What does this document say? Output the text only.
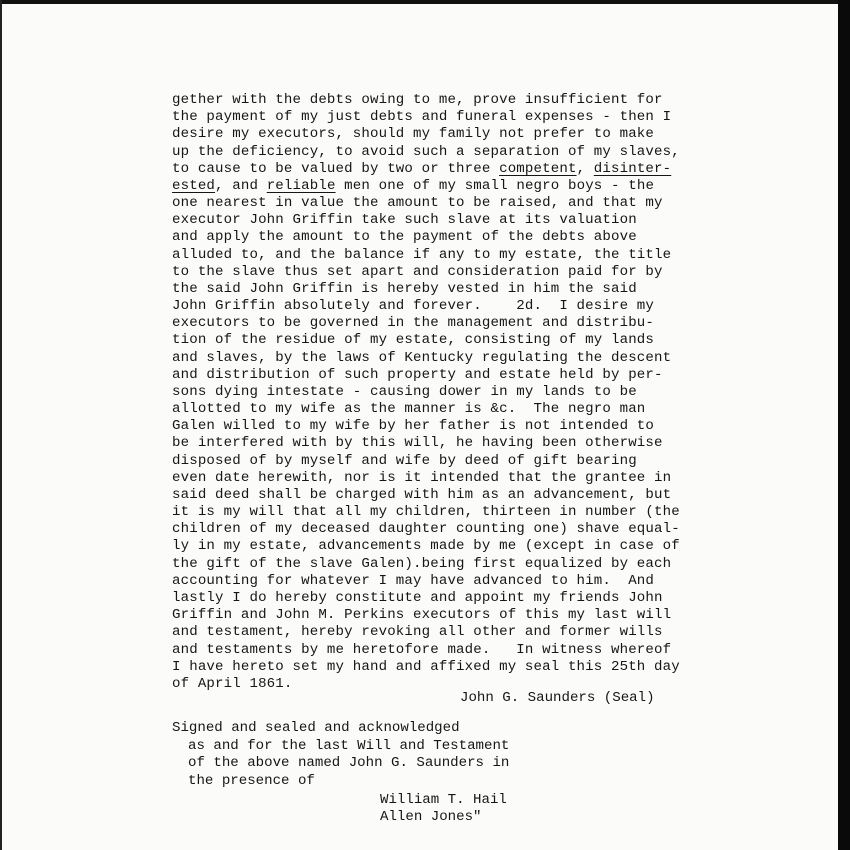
gether with the debts owing to me, prove insufficient for
the payment of my just debts and funeral expenses - then I
desire my executors, should my family not prefer to make
up the deficiency, to avoid such a separation of my slaves,
to cause to be valued by two or three competent, disinter-
ested, and reliable men one of my small negro boys - the
one nearest in value the amount to be raised, and that my
executor John Griffin take such slave at its valuation
and apply the amount to the payment of the debts above
alluded to, and the balance if any to my estate, the title
to the slave thus set apart and consideration paid for by
the said John Griffin is hereby vested in him the said
John Griffin absolutely and forever.    2d.  I desire my
executors to be governed in the management and distribu-
tion of the residue of my estate, consisting of my lands
and slaves, by the laws of Kentucky regulating the descent
and distribution of such property and estate held by per-
sons dying intestate - causing dower in my lands to be
allotted to my wife as the manner is &c.  The negro man
Galen willed to my wife by her father is not intended to
be interfered with by this will, he having been otherwise
disposed of by myself and wife by deed of gift bearing
even date herewith, nor is it intended that the grantee in
said deed shall be charged with him as an advancement, but
it is my will that all my children, thirteen in number (the
children of my deceased daughter counting one) shave equal-
ly in my estate, advancements made by me (except in case of
the gift of the slave Galen).being first equalized by each
accounting for whatever I may have advanced to him.  And
lastly I do hereby constitute and appoint my friends John
Griffin and John M. Perkins executors of this my last will
and testament, hereby revoking all other and former wills
and testaments by me heretofore made.   In witness whereof
I have hereto set my hand and affixed my seal this 25th day
of April 1861.
John G. Saunders (Seal)
Signed and sealed and acknowledged
as and for the last Will and Testament
of the above named John G. Saunders in
the presence of
William T. Hail
Allen Jones"
